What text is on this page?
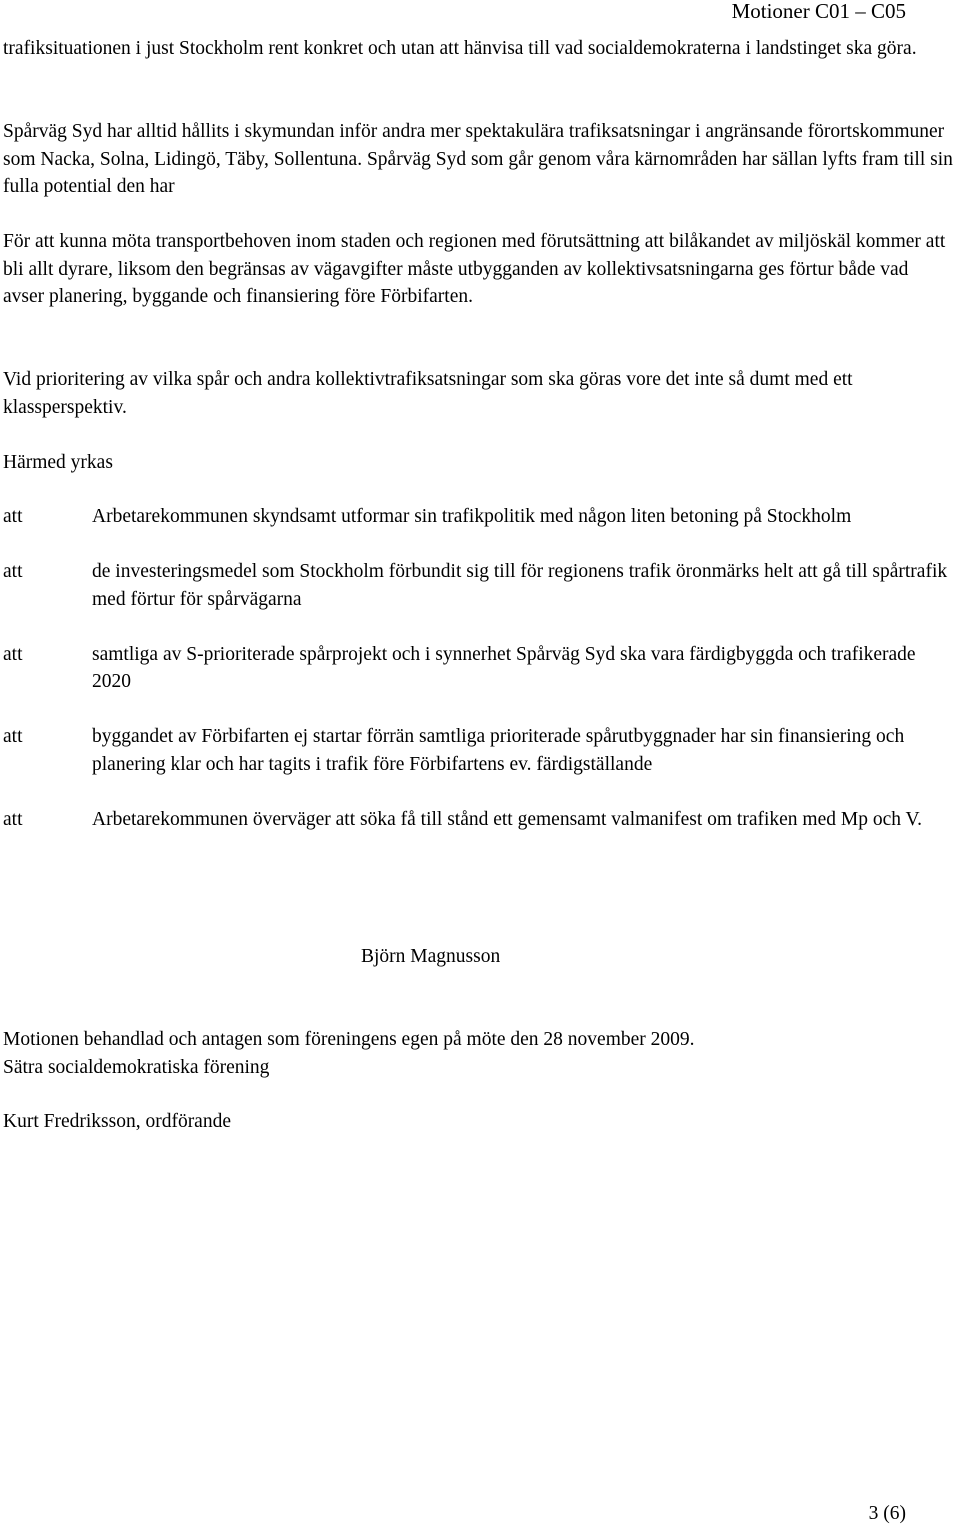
Motioner C01 – C05

trafiksituationen i just Stockholm rent konkret och utan att hänvisa till vad socialdemokraterna i landstinget ska göra.

Spårväg Syd har alltid hållits i skymundan inför andra mer spektakulära trafiksatsningar i angränsande förortskommuner som Nacka, Solna, Lidingö, Täby, Sollentuna. Spårväg Syd som går genom våra kärnområden har sällan lyfts fram till sin fulla potential den har

För att kunna möta transportbehoven inom staden och regionen med förutsättning att bilåkandet av miljöskäl kommer att bli allt dyrare, liksom den begränsas av vägavgifter måste utbygganden av kollektivsatsningarna ges förtur både vad avser planering, byggande och finansiering före Förbifarten.

Vid prioritering av vilka spår och andra kollektivtrafiksatsningar som ska göras vore det inte så dumt med ett klassperspektiv.

Härmed yrkas

att	Arbetarekommunen skyndsamt utformar sin trafikpolitik med någon liten betoning på Stockholm
att	de investeringsmedel som Stockholm förbundit sig till för regionens trafik öronmärks helt att gå till spårtrafik med förtur för spårvägarna
att	samtliga av S-prioriterade spårprojekt och i synnerhet Spårväg Syd ska vara färdigbyggda och trafikerade 2020
att	byggandet av Förbifarten ej startar förrän samtliga prioriterade spårutbyggnader har sin finansiering och planering klar och har tagits i trafik före Förbifartens ev. färdigställande
att	Arbetarekommunen överväger att söka få till stånd ett gemensamt valmanifest om trafiken med Mp och V.

Björn Magnusson

Motionen behandlad och antagen som föreningens egen på möte den 28 november 2009.
Sätra socialdemokratiska förening

Kurt Fredriksson, ordförande

3 (6)
